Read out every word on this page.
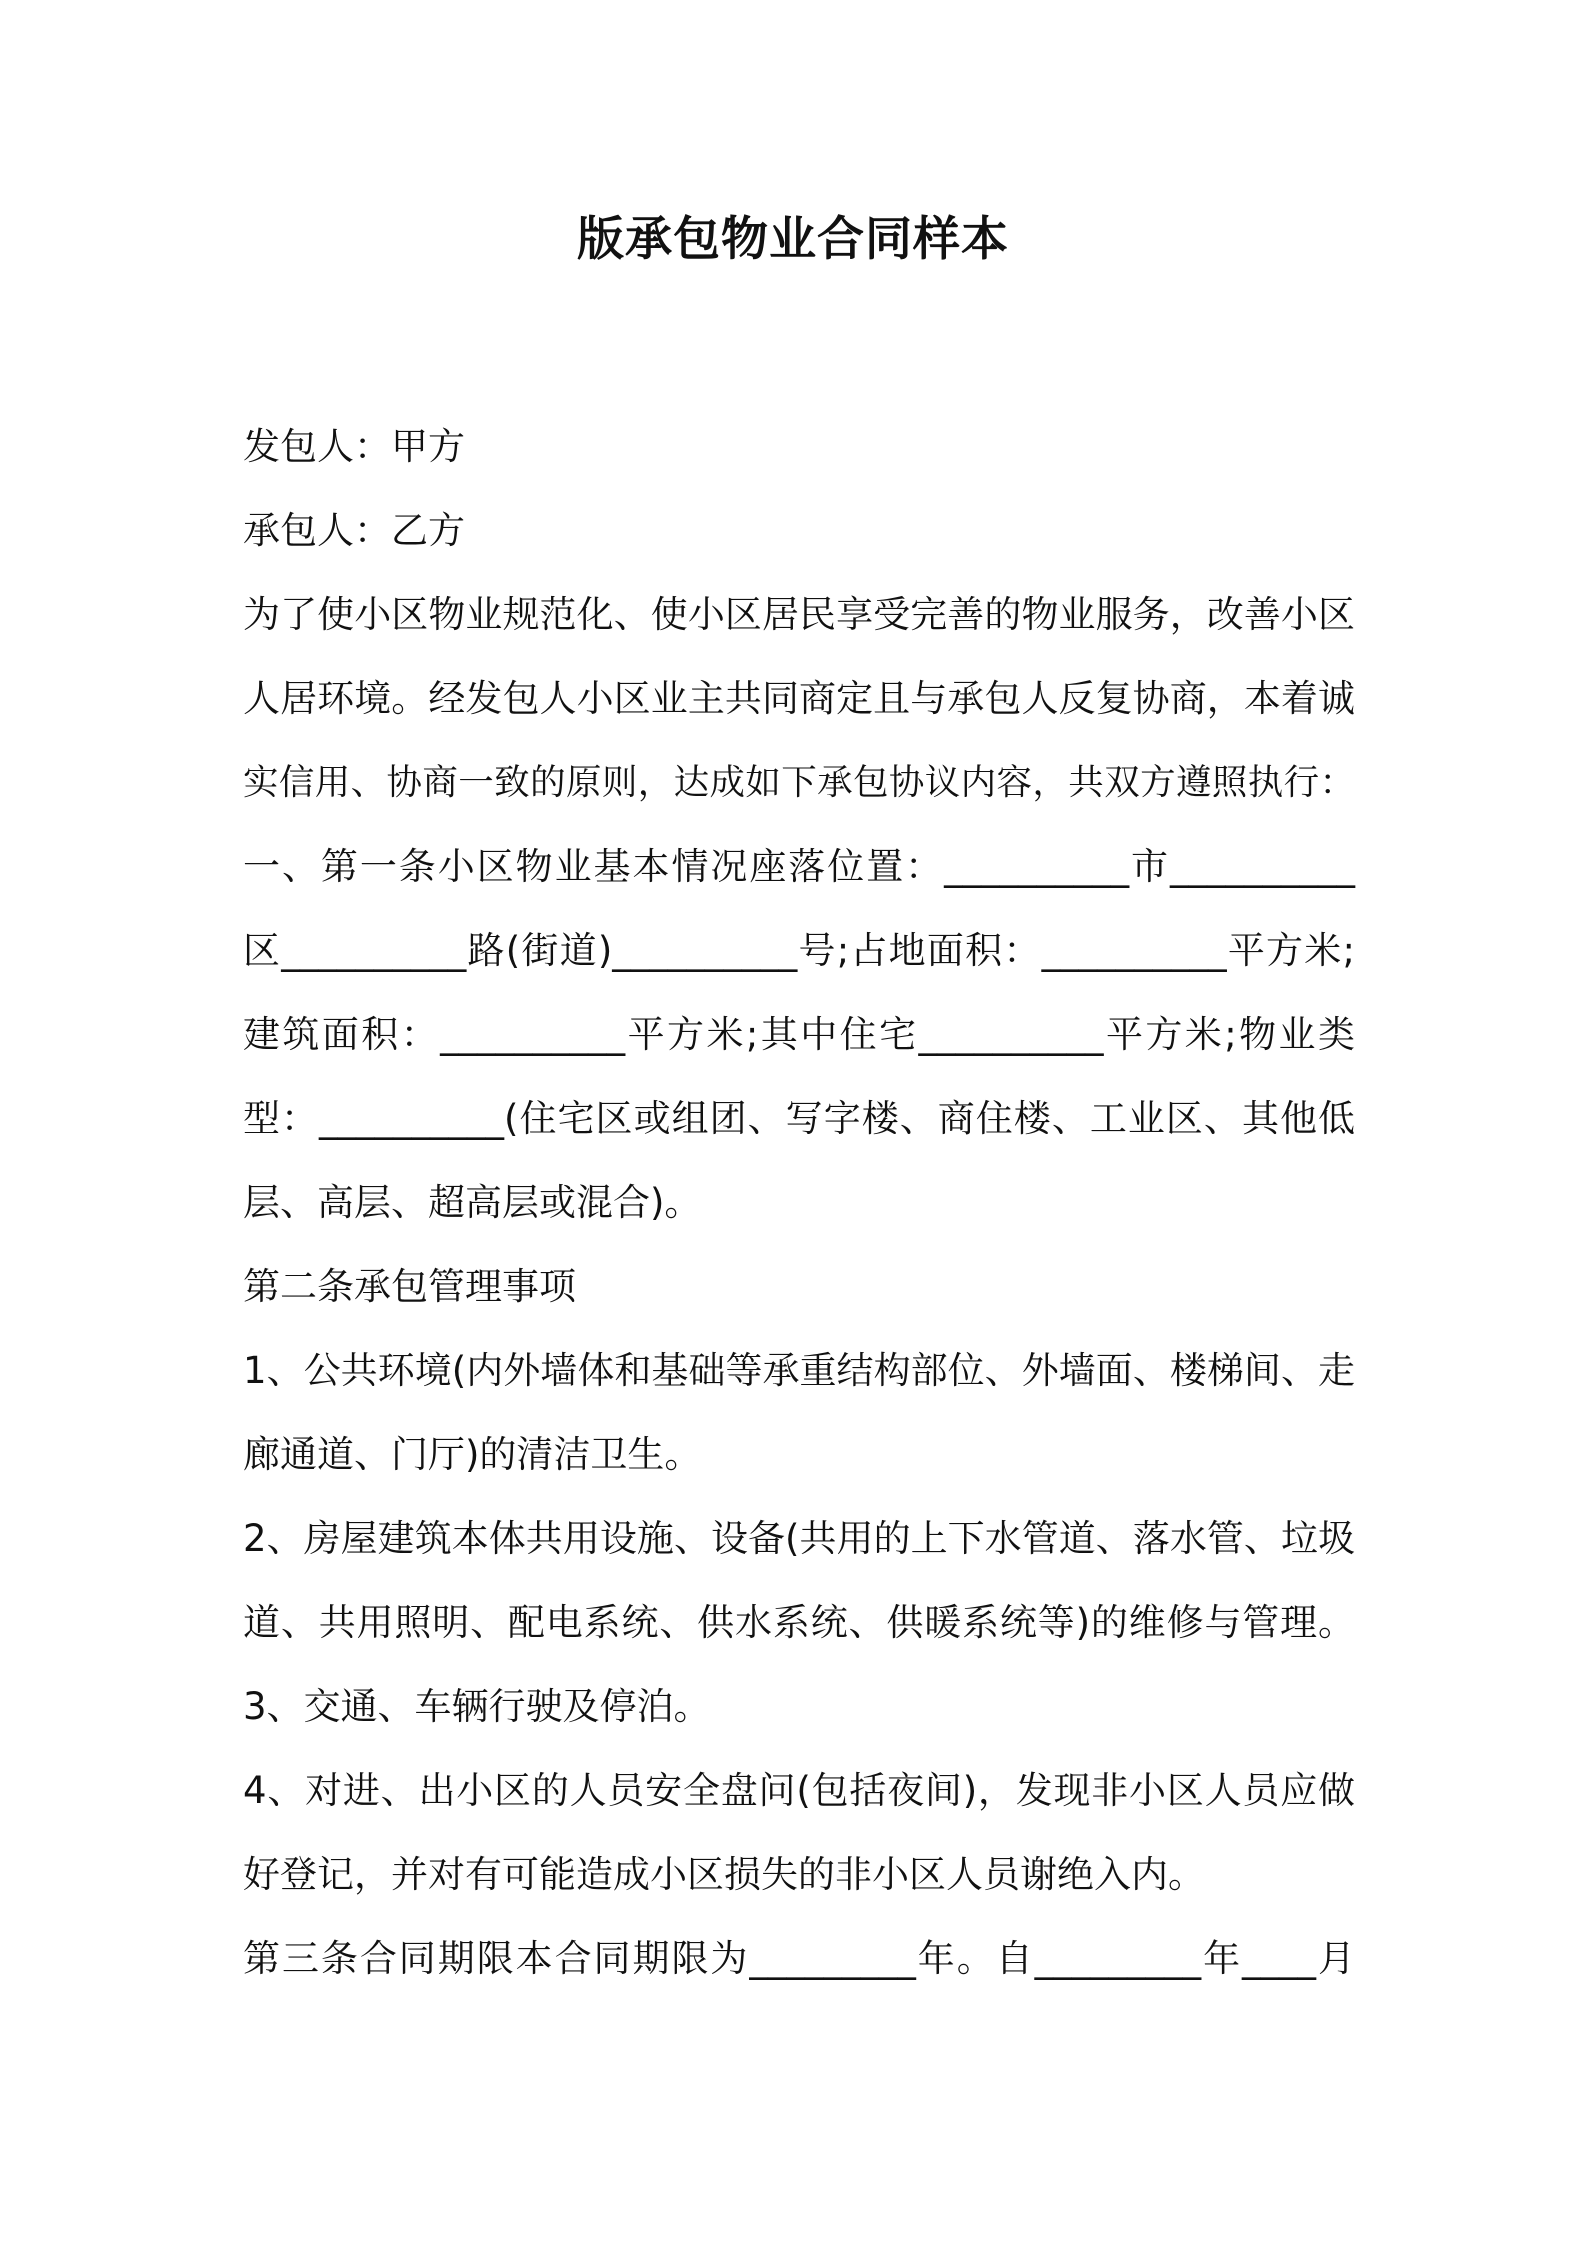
版承包物业合同样本
发包人：甲方
承包人：乙方
为了使小区物业规范化、使小区居民享受完善的物业服务，改善小区
人居环境。经发包人小区业主共同商定且与承包人反复协商，本着诚
实信用、协商一致的原则，达成如下承包协议内容，共双方遵照执行：
一、第一条小区物业基本情况座落位置：__________市__________
区__________路(街道)__________号;占地面积：__________平方米;
建筑面积：__________平方米;其中住宅__________平方米;物业类
型：__________(住宅区或组团、写字楼、商住楼、工业区、其他低
层、高层、超高层或混合)。
第二条承包管理事项
1、公共环境(内外墙体和基础等承重结构部位、外墙面、楼梯间、走
廊通道、门厅)的清洁卫生。
2、房屋建筑本体共用设施、设备(共用的上下水管道、落水管、垃圾
道、共用照明、配电系统、供水系统、供暖系统等)的维修与管理。
3、交通、车辆行驶及停泊。
4、对进、出小区的人员安全盘问(包括夜间)，发现非小区人员应做
好登记，并对有可能造成小区损失的非小区人员谢绝入内。
第三条合同期限本合同期限为_________年。自_________年____月
